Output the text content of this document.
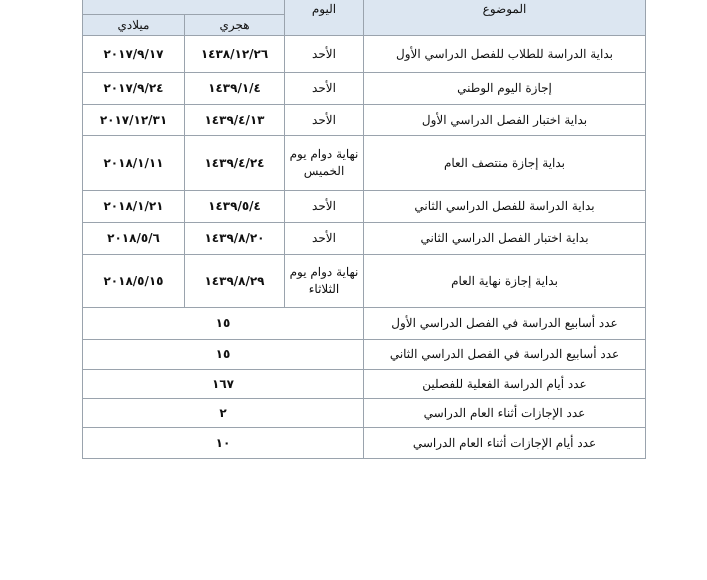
الموضوع	اليوم		
		هجري	ميلادي
بداية الدراسة للطلاب للفصل الدراسي الأول	الأحد	١٤٣٨/١٢/٢٦	٢٠١٧/٩/١٧
إجازة اليوم الوطني	الأحد	١٤٣٩/١/٤	٢٠١٧/٩/٢٤
بداية اختبار الفصل الدراسي الأول	الأحد	١٤٣٩/٤/١٣	٢٠١٧/١٢/٣١
بداية إجازة منتصف العام	نهاية دوام يوم الخميس	١٤٣٩/٤/٢٤	٢٠١٨/١/١١
بداية الدراسة للفصل الدراسي الثاني	الأحد	١٤٣٩/٥/٤	٢٠١٨/١/٢١
بداية اختبار الفصل الدراسي الثاني	الأحد	١٤٣٩/٨/٢٠	٢٠١٨/٥/٦
بداية إجازة نهاية العام	نهاية دوام يوم الثلاثاء	١٤٣٩/٨/٢٩	٢٠١٨/٥/١٥
عدد أسابيع الدراسة في الفصل الدراسي الأول	١٥		
عدد أسابيع الدراسة في الفصل الدراسي الثاني	١٥		
عدد أيام الدراسة الفعلية للفصلين	١٦٧		
عدد الإجازات أثناء العام الدراسي	٢		
عدد أيام الإجازات أثناء العام الدراسي	١٠		
